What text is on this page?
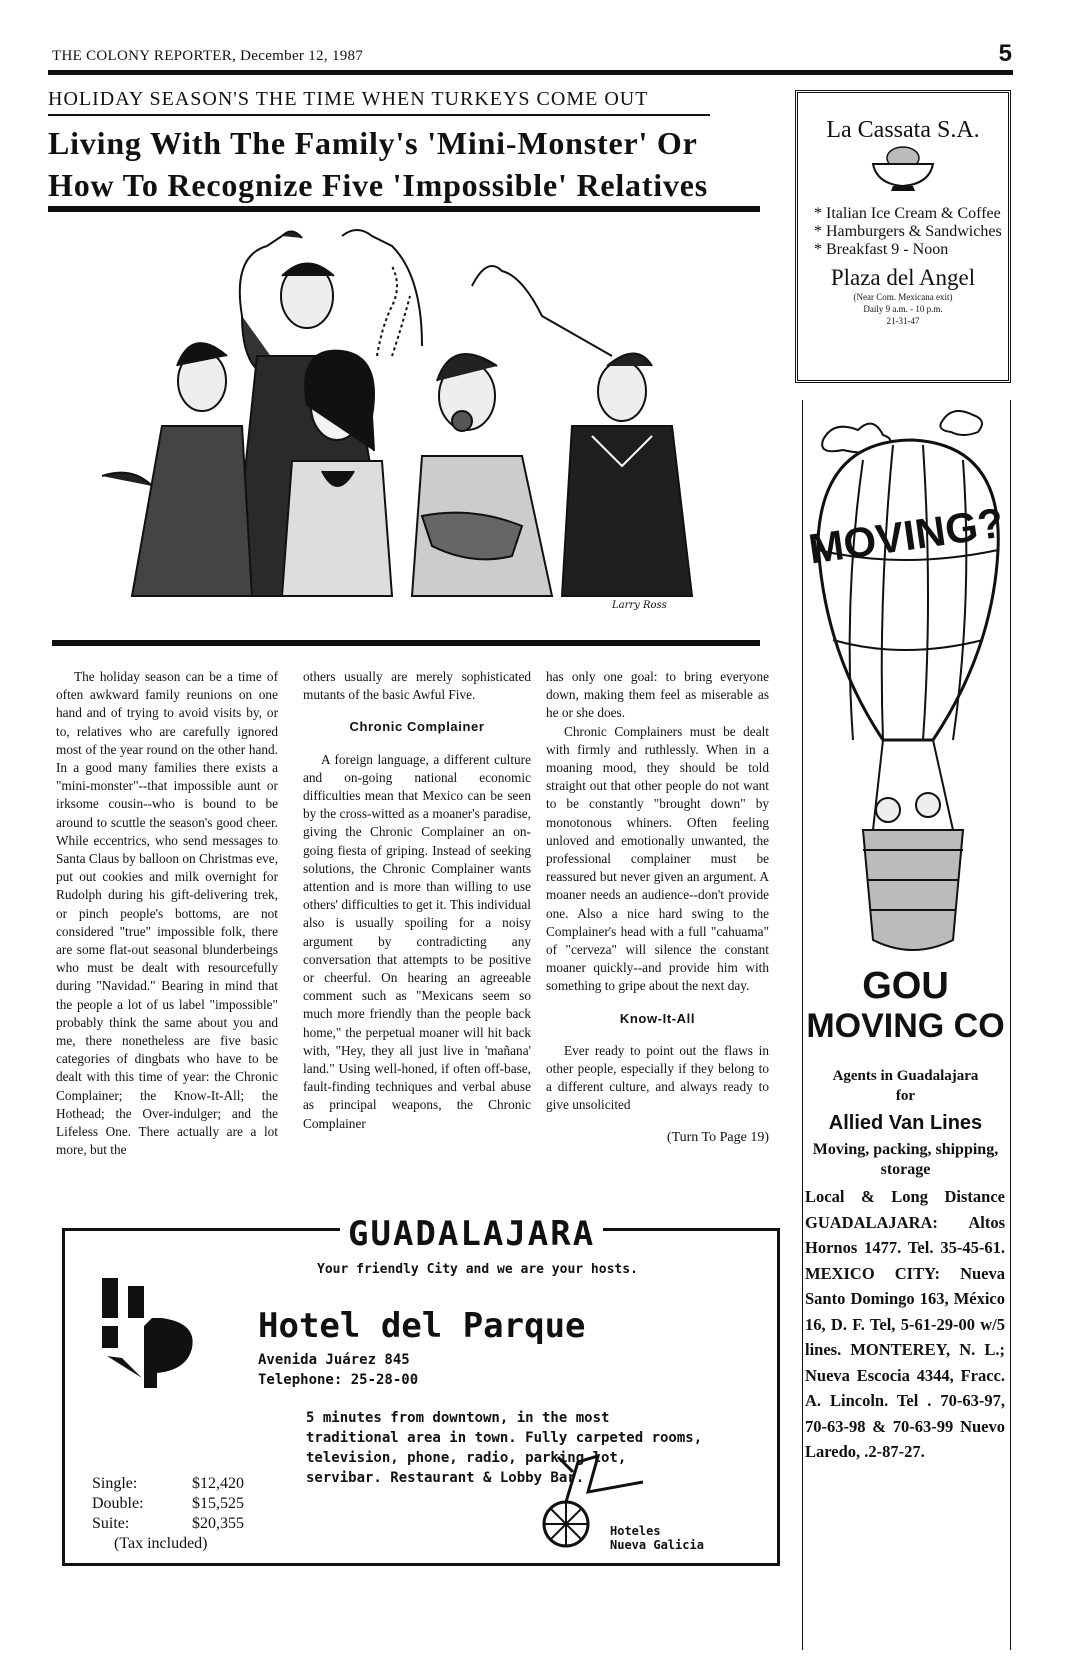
THE COLONY REPORTER, December 12, 1987	5
HOLIDAY SEASON'S THE TIME WHEN TURKEYS COME OUT
Living With The Family's 'Mini-Monster' Or
How To Recognize Five 'Impossible' Relatives
Larry Ross

The holiday season can be a time of often awkward family reunions on one hand and of trying to avoid visits by, or to, relatives who are carefully ignored most of the year round on the other hand. In a good many families there exists a "mini-monster"--that impossible aunt or irksome cousin--who is bound to be around to scuttle the season's good cheer. While eccentrics, who send messages to Santa Claus by balloon on Christmas eve, put out cookies and milk overnight for Rudolph during his gift-delivering trek, or pinch people's bottoms, are not considered "true" impossible folk, there are some flat-out seasonal blunderbeings who must be dealt with resourcefully during "Navidad." Bearing in mind that the people a lot of us label "impossible" probably think the same about you and me, there nonetheless are five basic categories of dingbats who have to be dealt with this time of year: the Chronic Complainer; the Know-It-All; the Hothead; the Over-indulger; and the Lifeless One. There actually are a lot more, but the

others usually are merely sophisticated mutants of the basic Awful Five.

Chronic Complainer

A foreign language, a different culture and on-going national economic difficulties mean that Mexico can be seen by the cross-witted as a moaner's paradise, giving the Chronic Complainer an on-going fiesta of griping. Instead of seeking solutions, the Chronic Complainer wants attention and is more than willing to use others' difficulties to get it. This individual also is usually spoiling for a noisy argument by contradicting any conversation that attempts to be positive or cheerful. On hearing an agreeable comment such as "Mexicans seem so much more friendly than the people back home," the perpetual moaner will hit back with, "Hey, they all just live in 'mañana' land." Using well-honed, if often off-base, fault-finding techniques and verbal abuse as principal weapons, the Chronic Complainer

has only one goal: to bring everyone down, making them feel as miserable as he or she does.

Chronic Complainers must be dealt with firmly and ruthlessly. When in a moaning mood, they should be told straight out that other people do not want to be constantly "brought down" by monotonous whiners. Often feeling unloved and emotionally unwanted, the professional complainer must be reassured but never given an argument. A moaner needs an audience--don't provide one. Also a nice hard swing to the Complainer's head with a full "cahuama" of "cerveza" will silence the constant moaner quickly--and provide him with something to gripe about the next day.

Know-It-All

Ever ready to point out the flaws in other people, especially if they belong to a different culture, and always ready to give unsolicited

(Turn To Page 19)
La Cassata S.A.
* Italian Ice Cream & Coffee
* Hamburgers & Sandwiches
* Breakfast 9 - Noon
Plaza del Angel
(Near Com. Mexicana exit)
Daily 9 a.m. - 10 p.m.
21-31-47
MOVING?
GOU
MOVING CO
Agents in Guadalajara
for
Allied Van Lines
Moving, packing, shipping, storage
Local & Long Distance GUADALAJARA: Altos Hornos 1477. Tel. 35-45-61. MEXICO CITY: Nueva Santo Domingo 163, México 16, D. F. Tel, 5-61-29-00 w/5 lines. MONTEREY, N. L.; Nueva Escocia 4344, Fracc. A. Lincoln. Tel . 70-63-97, 70-63-98 & 70-63-99 Nuevo Laredo, .2-87-27.
GUADALAJARA
Your friendly City and we are your hosts.
Hotel del Parque
Avenida Juárez 845
Telephone: 25-28-00
5 minutes from downtown, in the most traditional area in town. Fully carpeted rooms, television, phone, radio, parking lot, servibar. Restaurant & Lobby Bar.
Single:	$12,420
Double:	$15,525
Suite:	$20,355
(Tax included)
Hoteles
Nueva Galicia
